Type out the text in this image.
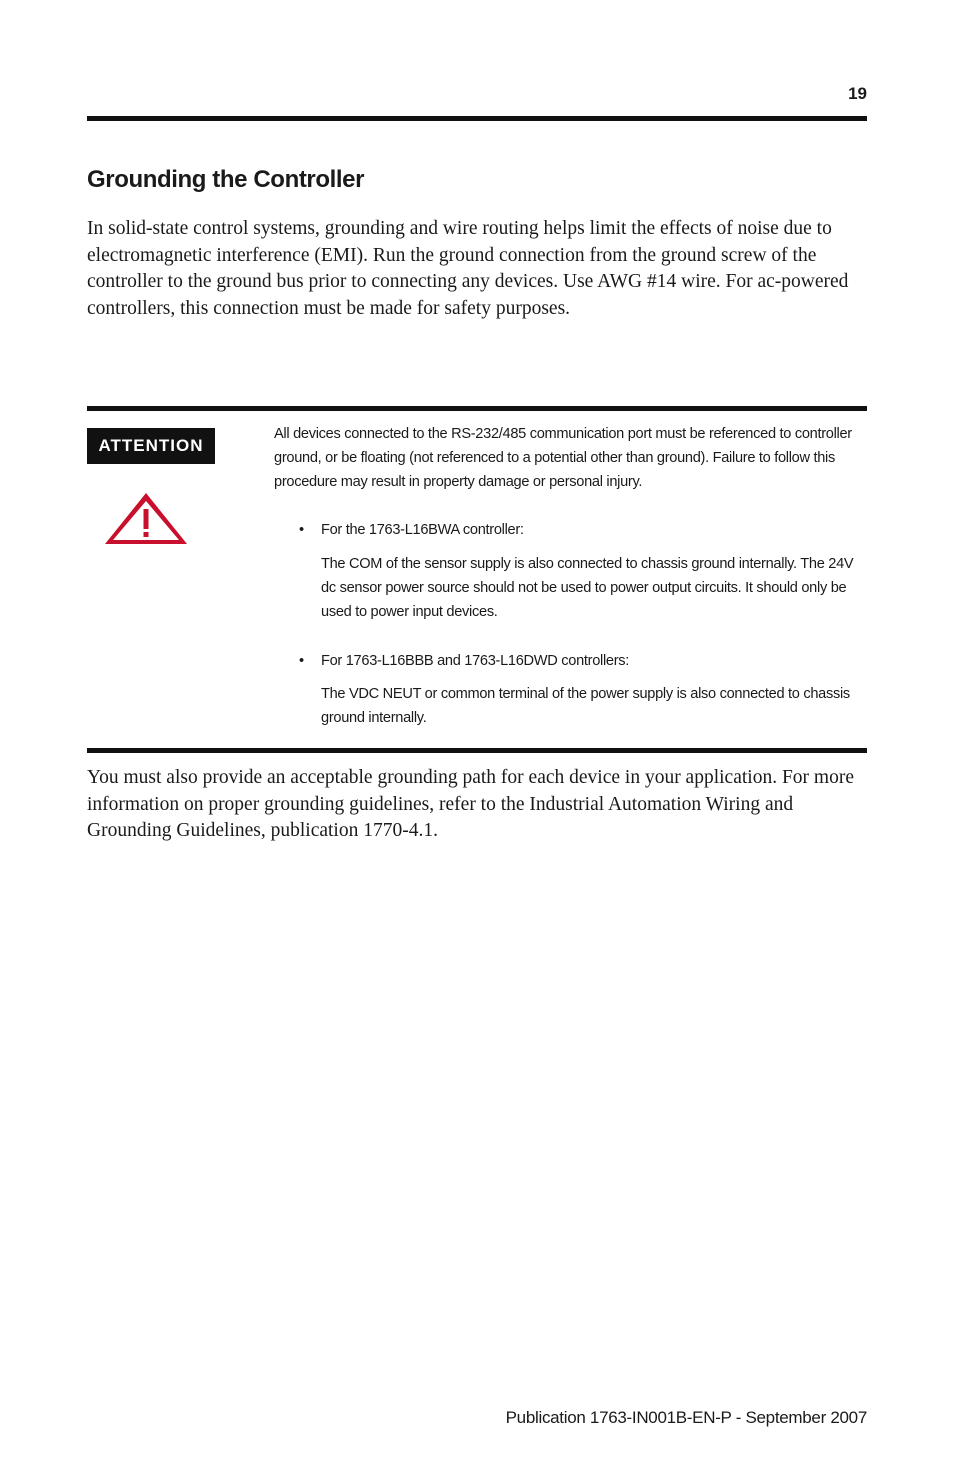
19
Grounding the Controller

In solid-state control systems, grounding and wire routing helps limit the effects of noise due to electromagnetic interference (EMI). Run the ground connection from the ground screw of the controller to the ground bus prior to connecting any devices. Use AWG #14 wire. For ac-powered controllers, this connection must be made for safety purposes.

ATTENTION

All devices connected to the RS-232/485 communication port must be referenced to controller ground, or be floating (not referenced to a potential other than ground). Failure to follow this procedure may result in property damage or personal injury.

• For the 1763-L16BWA controller:

The COM of the sensor supply is also connected to chassis ground internally. The 24V dc sensor power source should not be used to power output circuits. It should only be used to power input devices.

• For 1763-L16BBB and 1763-L16DWD controllers:

The VDC NEUT or common terminal of the power supply is also connected to chassis ground internally.

You must also provide an acceptable grounding path for each device in your application. For more information on proper grounding guidelines, refer to the Industrial Automation Wiring and Grounding Guidelines, publication 1770-4.1.

Publication 1763-IN001B-EN-P - September 2007
